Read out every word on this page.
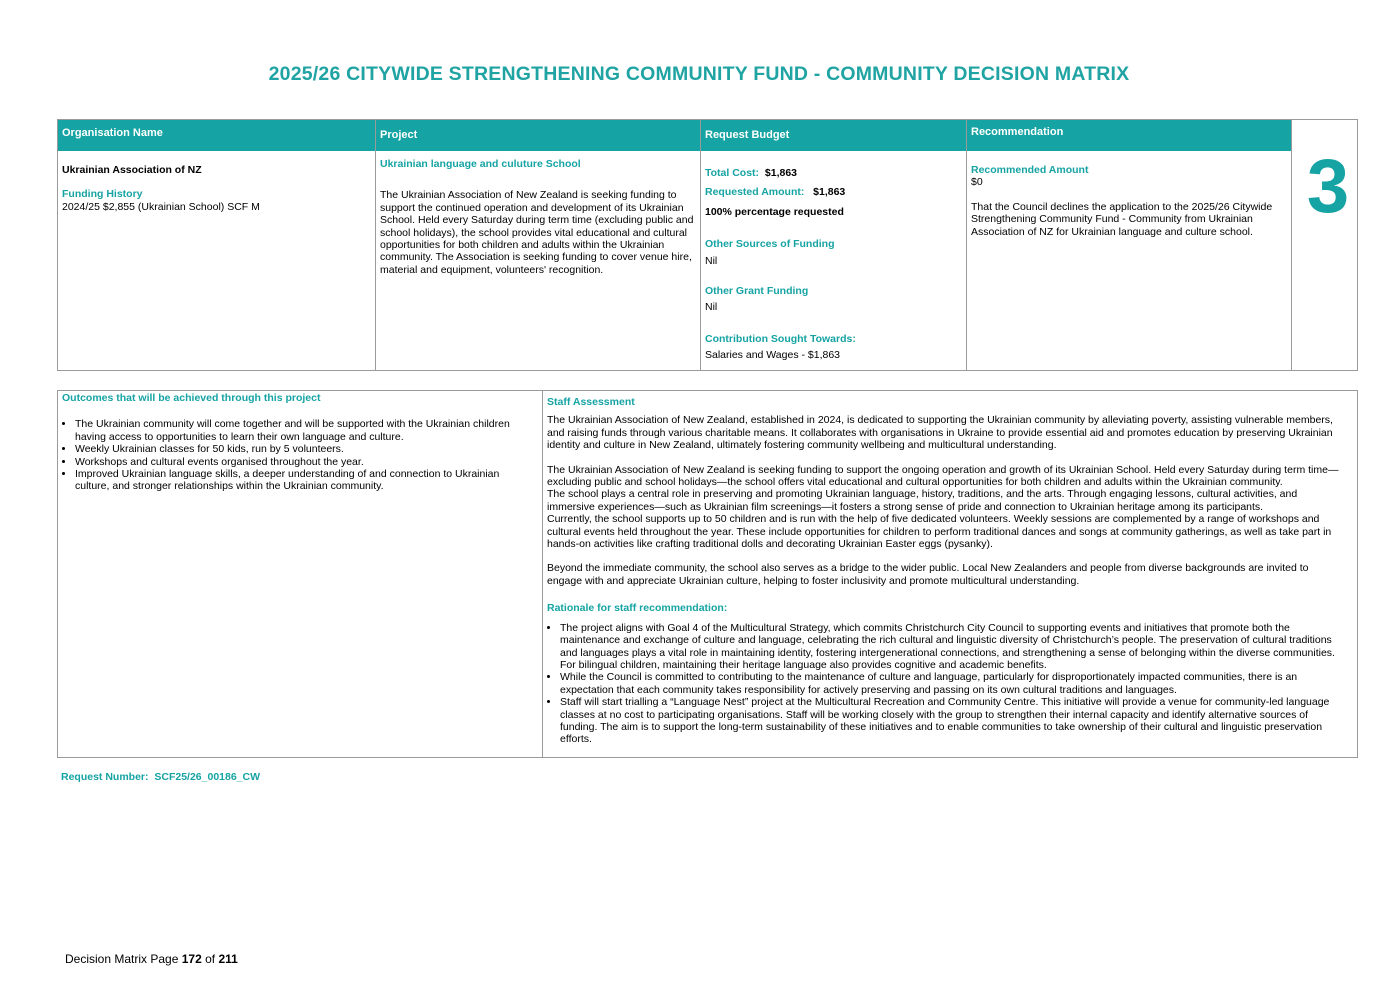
2025/26 CITYWIDE STRENGTHENING COMMUNITY FUND - COMMUNITY DECISION MATRIX
Organisation Name

Ukrainian Association of NZ

Funding History

2024/25 $2,855 (Ukrainian School) SCF M

Project

Ukrainian language and culuture School

The Ukrainian Association of New Zealand is seeking funding to support the continued operation and development of its Ukrainian School. Held every Saturday during term time (excluding public and school holidays), the school provides vital educational and cultural opportunities for both children and adults within the Ukrainian community. The Association is seeking funding to cover venue hire, material and equipment, volunteers' recognition.

Request Budget

Total Cost: $1,863

Requested Amount: $1,863

100% percentage requested

Other Sources of Funding

Nil

Other Grant Funding

Nil

Contribution Sought Towards:

Salaries and Wages - $1,863

Recommendation

Recommended Amount

$0

That the Council declines the application to the 2025/26 Citywide Strengthening Community Fund - Community from Ukrainian Association of NZ for Ukrainian language and culture school.

3

Outcomes that will be achieved through this project

• The Ukrainian community will come together and will be supported with the Ukrainian children having access to opportunities to learn their own language and culture.
• Weekly Ukrainian classes for 50 kids, run by 5 volunteers.
• Workshops and cultural events organised throughout the year.
• Improved Ukrainian language skills, a deeper understanding of and connection to Ukrainian culture, and stronger relationships within the Ukrainian community.

Staff Assessment

The Ukrainian Association of New Zealand, established in 2024, is dedicated to supporting the Ukrainian community by alleviating poverty, assisting vulnerable members, and raising funds through various charitable means. It collaborates with organisations in Ukraine to provide essential aid and promotes education by preserving Ukrainian identity and culture in New Zealand, ultimately fostering community wellbeing and multicultural understanding.

The Ukrainian Association of New Zealand is seeking funding to support the ongoing operation and growth of its Ukrainian School. Held every Saturday during term time—excluding public and school holidays—the school offers vital educational and cultural opportunities for both children and adults within the Ukrainian community.

The school plays a central role in preserving and promoting Ukrainian language, history, traditions, and the arts. Through engaging lessons, cultural activities, and immersive experiences—such as Ukrainian film screenings—it fosters a strong sense of pride and connection to Ukrainian heritage among its participants.

Currently, the school supports up to 50 children and is run with the help of five dedicated volunteers. Weekly sessions are complemented by a range of workshops and cultural events held throughout the year. These include opportunities for children to perform traditional dances and songs at community gatherings, as well as take part in hands-on activities like crafting traditional dolls and decorating Ukrainian Easter eggs (pysanky).

Beyond the immediate community, the school also serves as a bridge to the wider public. Local New Zealanders and people from diverse backgrounds are invited to engage with and appreciate Ukrainian culture, helping to foster inclusivity and promote multicultural understanding.

Rationale for staff recommendation:

• The project aligns with Goal 4 of the Multicultural Strategy, which commits Christchurch City Council to supporting events and initiatives that promote both the maintenance and exchange of culture and language, celebrating the rich cultural and linguistic diversity of Christchurch’s people. The preservation of cultural traditions and languages plays a vital role in maintaining identity, fostering intergenerational connections, and strengthening a sense of belonging within the diverse communities. For bilingual children, maintaining their heritage language also provides cognitive and academic benefits.
• While the Council is committed to contributing to the maintenance of culture and language, particularly for disproportionately impacted communities, there is an expectation that each community takes responsibility for actively preserving and passing on its own cultural traditions and languages.
• Staff will start trialling a “Language Nest” project at the Multicultural Recreation and Community Centre. This initiative will provide a venue for community-led language classes at no cost to participating organisations. Staff will be working closely with the group to strengthen their internal capacity and identify alternative sources of funding. The aim is to support the long-term sustainability of these initiatives and to enable communities to take ownership of their cultural and linguistic preservation efforts.
Request Number: SCF25/26_00186_CW
Decision Matrix Page 172 of 211
